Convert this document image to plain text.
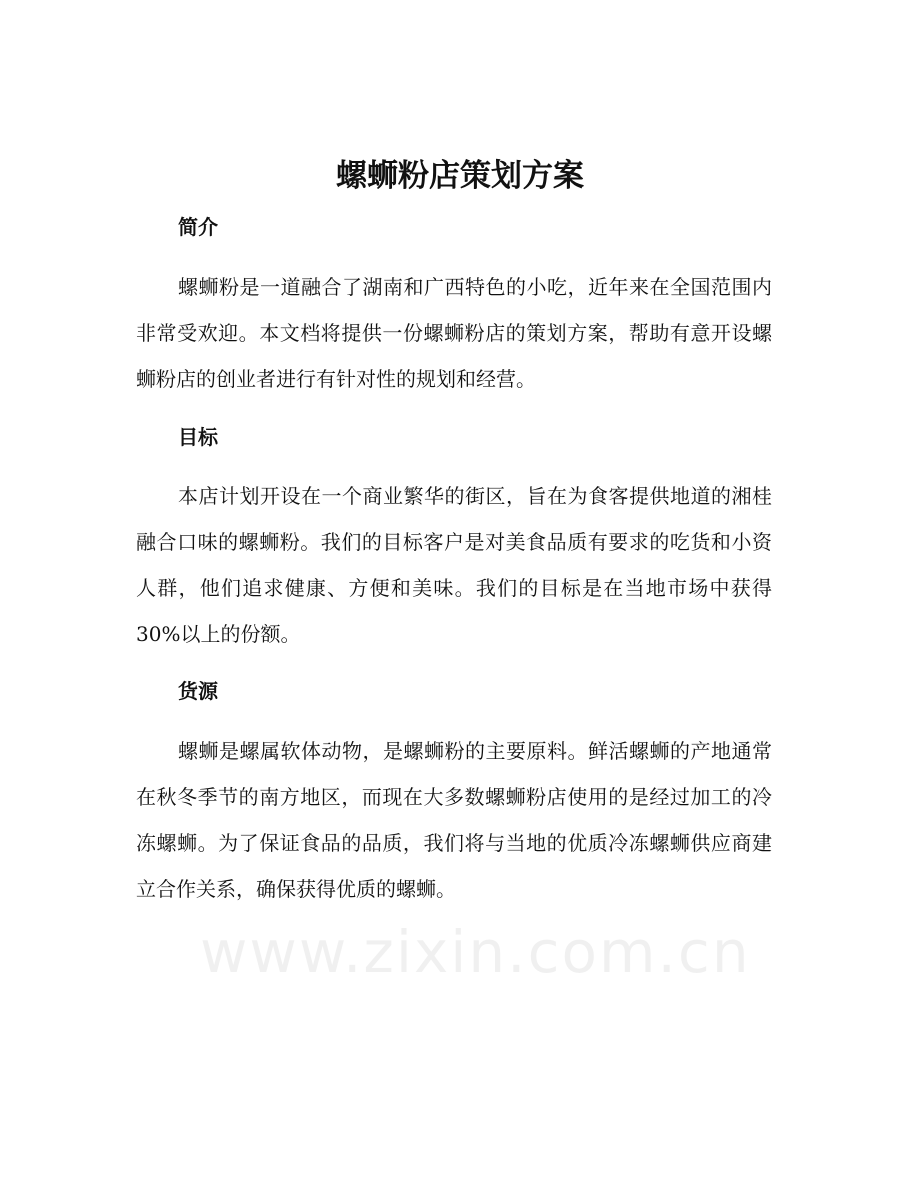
螺蛳粉店策划方案
简介

螺蛳粉是一道融合了湖南和广西特色的小吃，近年来在全国范围内非常受欢迎。本文档将提供一份螺蛳粉店的策划方案，帮助有意开设螺蛳粉店的创业者进行有针对性的规划和经营。

目标

本店计划开设在一个商业繁华的街区，旨在为食客提供地道的湘桂融合口味的螺蛳粉。我们的目标客户是对美食品质有要求的吃货和小资人群，他们追求健康、方便和美味。我们的目标是在当地市场中获得30%以上的份额。

货源

螺蛳是螺属软体动物，是螺蛳粉的主要原料。鲜活螺蛳的产地通常在秋冬季节的南方地区，而现在大多数螺蛳粉店使用的是经过加工的冷冻螺蛳。为了保证食品的品质，我们将与当地的优质冷冻螺蛳供应商建立合作关系，确保获得优质的螺蛳。

www.zixin.com.cn
